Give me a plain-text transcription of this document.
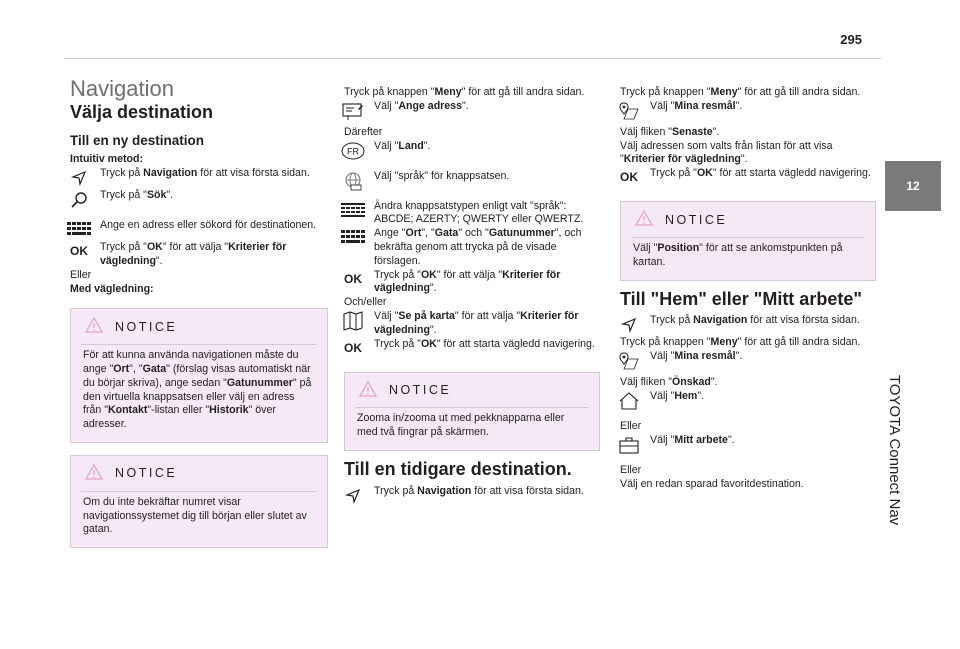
295
12
TOYOTA Connect Nav
Navigation
Välja destination
Till en ny destination

Intuitiv metod:

Tryck på Navigation för att visa första sidan.

Tryck på "Sök".

Ange en adress eller sökord för destinationen.

OK	Tryck på "OK" för att välja "Kriterier för vägledning".

Eller

Med vägledning:

NOTICE
För att kunna använda navigationen måste du ange "Ort", "Gata" (förslag visas automatiskt när du börjar skriva), ange sedan "Gatunummer" på den virtuella knappsatsen eller välj en adress från "Kontakt"-listan eller "Historik" över adresser.
NOTICE
Om du inte bekräftar numret visar navigationssystemet dig till början eller slutet av gatan.

Tryck på knappen "Meny" för att gå till andra sidan.

Välj "Ange adress".

Därefter

FR Välj "Land".

Välj "språk" för knappsatsen.

Ändra knappsatstypen enligt valt "språk": ABCDE; AZERTY; QWERTY eller QWERTZ.

Ange "Ort", "Gata" och "Gatunummer", och bekräfta genom att trycka på de visade förslagen.

OK	Tryck på "OK" för att välja "Kriterier för vägledning".

Och/eller

Välj "Se på karta" för att välja "Kriterier för vägledning".

OK	Tryck på "OK" för att starta vägledd navigering.

NOTICE
Zooma in/zooma ut med pekknapparna eller med två fingrar på skärmen.
Till en tidigare destination.

Tryck på Navigation för att visa första sidan.

Tryck på knappen "Meny" för att gå till andra sidan.

Välj "Mina resmål".

Välj fliken "Senaste".

Välj adressen som valts från listan för att visa "Kriterier för vägledning".

OK	Tryck på "OK" för att starta vägledd navigering.

NOTICE
Välj "Position" för att se ankomstpunkten på kartan.
Till "Hem" eller "Mitt arbete"

Tryck på Navigation för att visa första sidan.

Tryck på knappen "Meny" för att gå till andra sidan.

Välj "Mina resmål".

Välj fliken "Önskad".

Välj "Hem".

Eller

Välj "Mitt arbete".

Eller

Välj en redan sparad favoritdestination.
